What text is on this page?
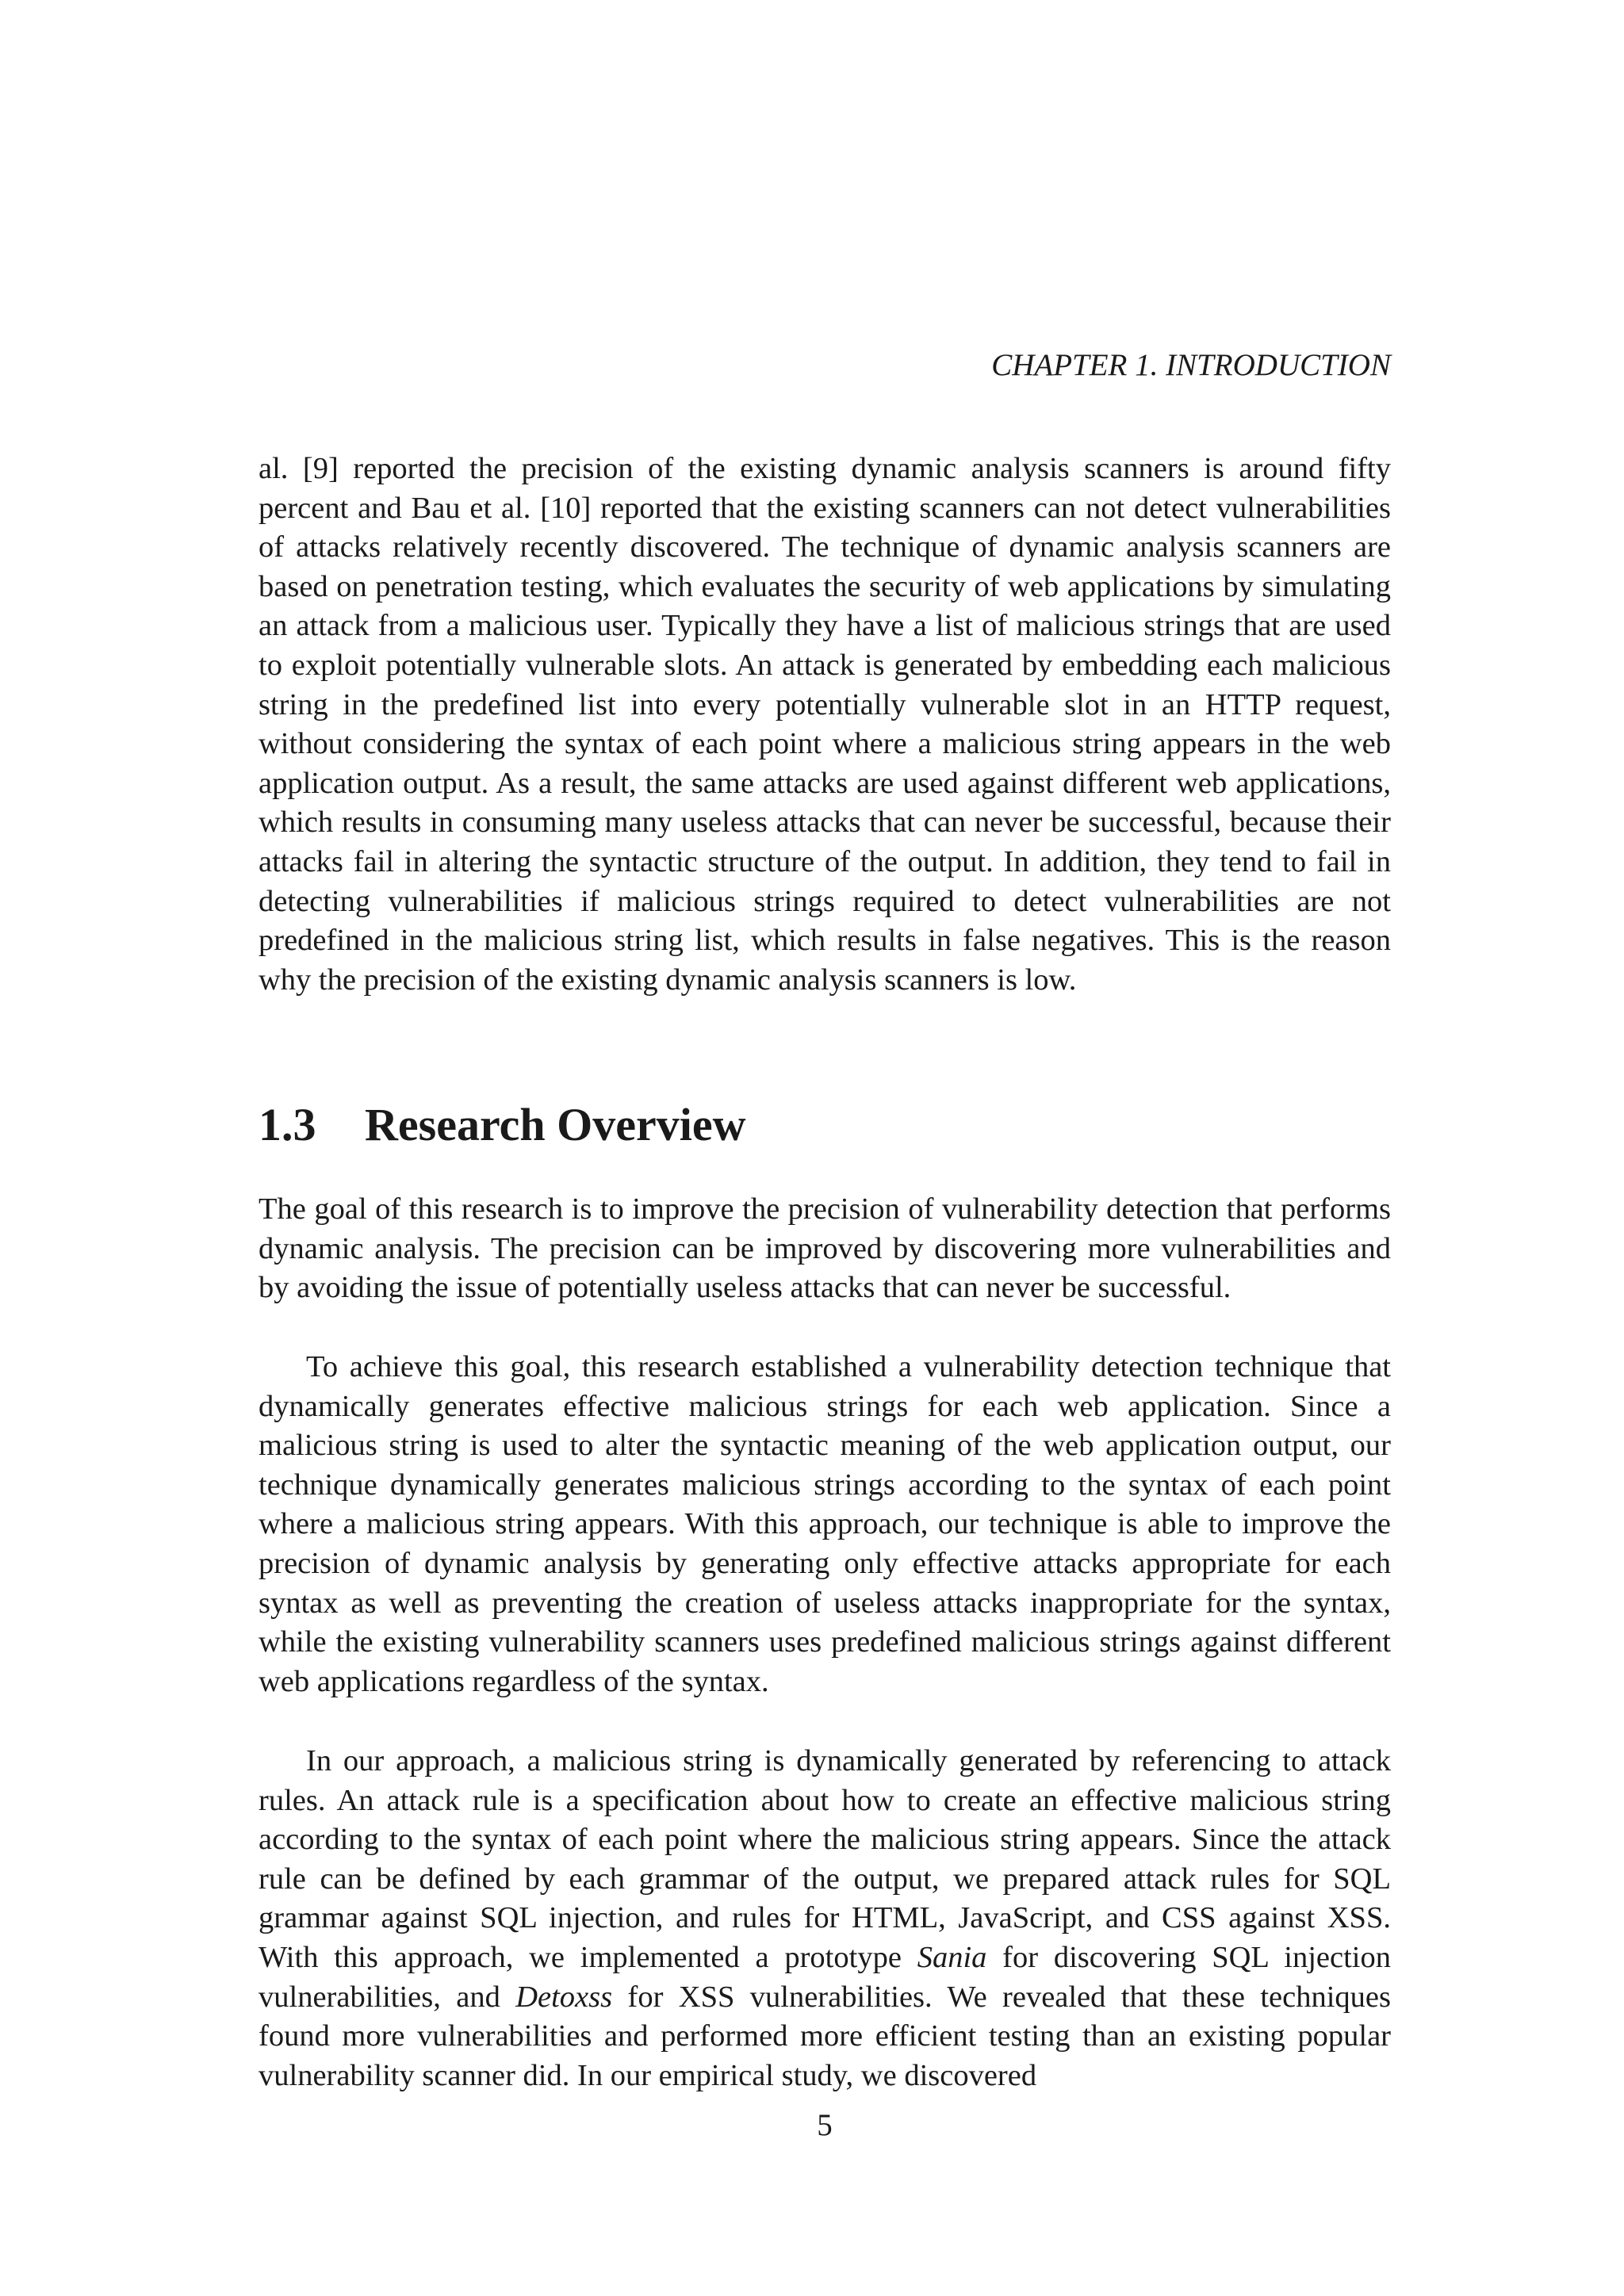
CHAPTER 1. INTRODUCTION

al. [9] reported the precision of the existing dynamic analysis scanners is around fifty percent and Bau et al. [10] reported that the existing scanners can not detect vulnerabilities of attacks relatively recently discovered. The technique of dynamic analysis scanners are based on penetration testing, which evaluates the security of web applications by simulating an attack from a malicious user. Typically they have a list of malicious strings that are used to exploit potentially vulnerable slots. An attack is generated by embedding each malicious string in the predefined list into every potentially vulnerable slot in an HTTP request, without considering the syntax of each point where a malicious string appears in the web application output. As a result, the same attacks are used against different web applications, which results in consuming many useless attacks that can never be successful, because their attacks fail in altering the syntactic structure of the output. In addition, they tend to fail in detecting vulnerabilities if malicious strings required to detect vulnerabilities are not predefined in the malicious string list, which results in false negatives. This is the reason why the precision of the existing dynamic analysis scanners is low.

1.3 Research Overview

The goal of this research is to improve the precision of vulnerability detection that performs dynamic analysis. The precision can be improved by discovering more vulnerabilities and by avoiding the issue of potentially useless attacks that can never be successful.

To achieve this goal, this research established a vulnerability detection technique that dynamically generates effective malicious strings for each web application. Since a malicious string is used to alter the syntactic meaning of the web application output, our technique dynamically generates malicious strings according to the syntax of each point where a malicious string appears. With this approach, our technique is able to improve the precision of dynamic analysis by generating only effective attacks appropriate for each syntax as well as preventing the creation of useless attacks inappropriate for the syntax, while the existing vulnerability scanners uses predefined malicious strings against different web applications regardless of the syntax.

In our approach, a malicious string is dynamically generated by referencing to attack rules. An attack rule is a specification about how to create an effective malicious string according to the syntax of each point where the malicious string appears. Since the attack rule can be defined by each grammar of the output, we prepared attack rules for SQL grammar against SQL injection, and rules for HTML, JavaScript, and CSS against XSS. With this approach, we implemented a prototype Sania for discovering SQL injection vulnerabilities, and Detoxss for XSS vulnerabilities. We revealed that these techniques found more vulnerabilities and performed more efficient testing than an existing popular vulnerability scanner did. In our empirical study, we discovered

5
